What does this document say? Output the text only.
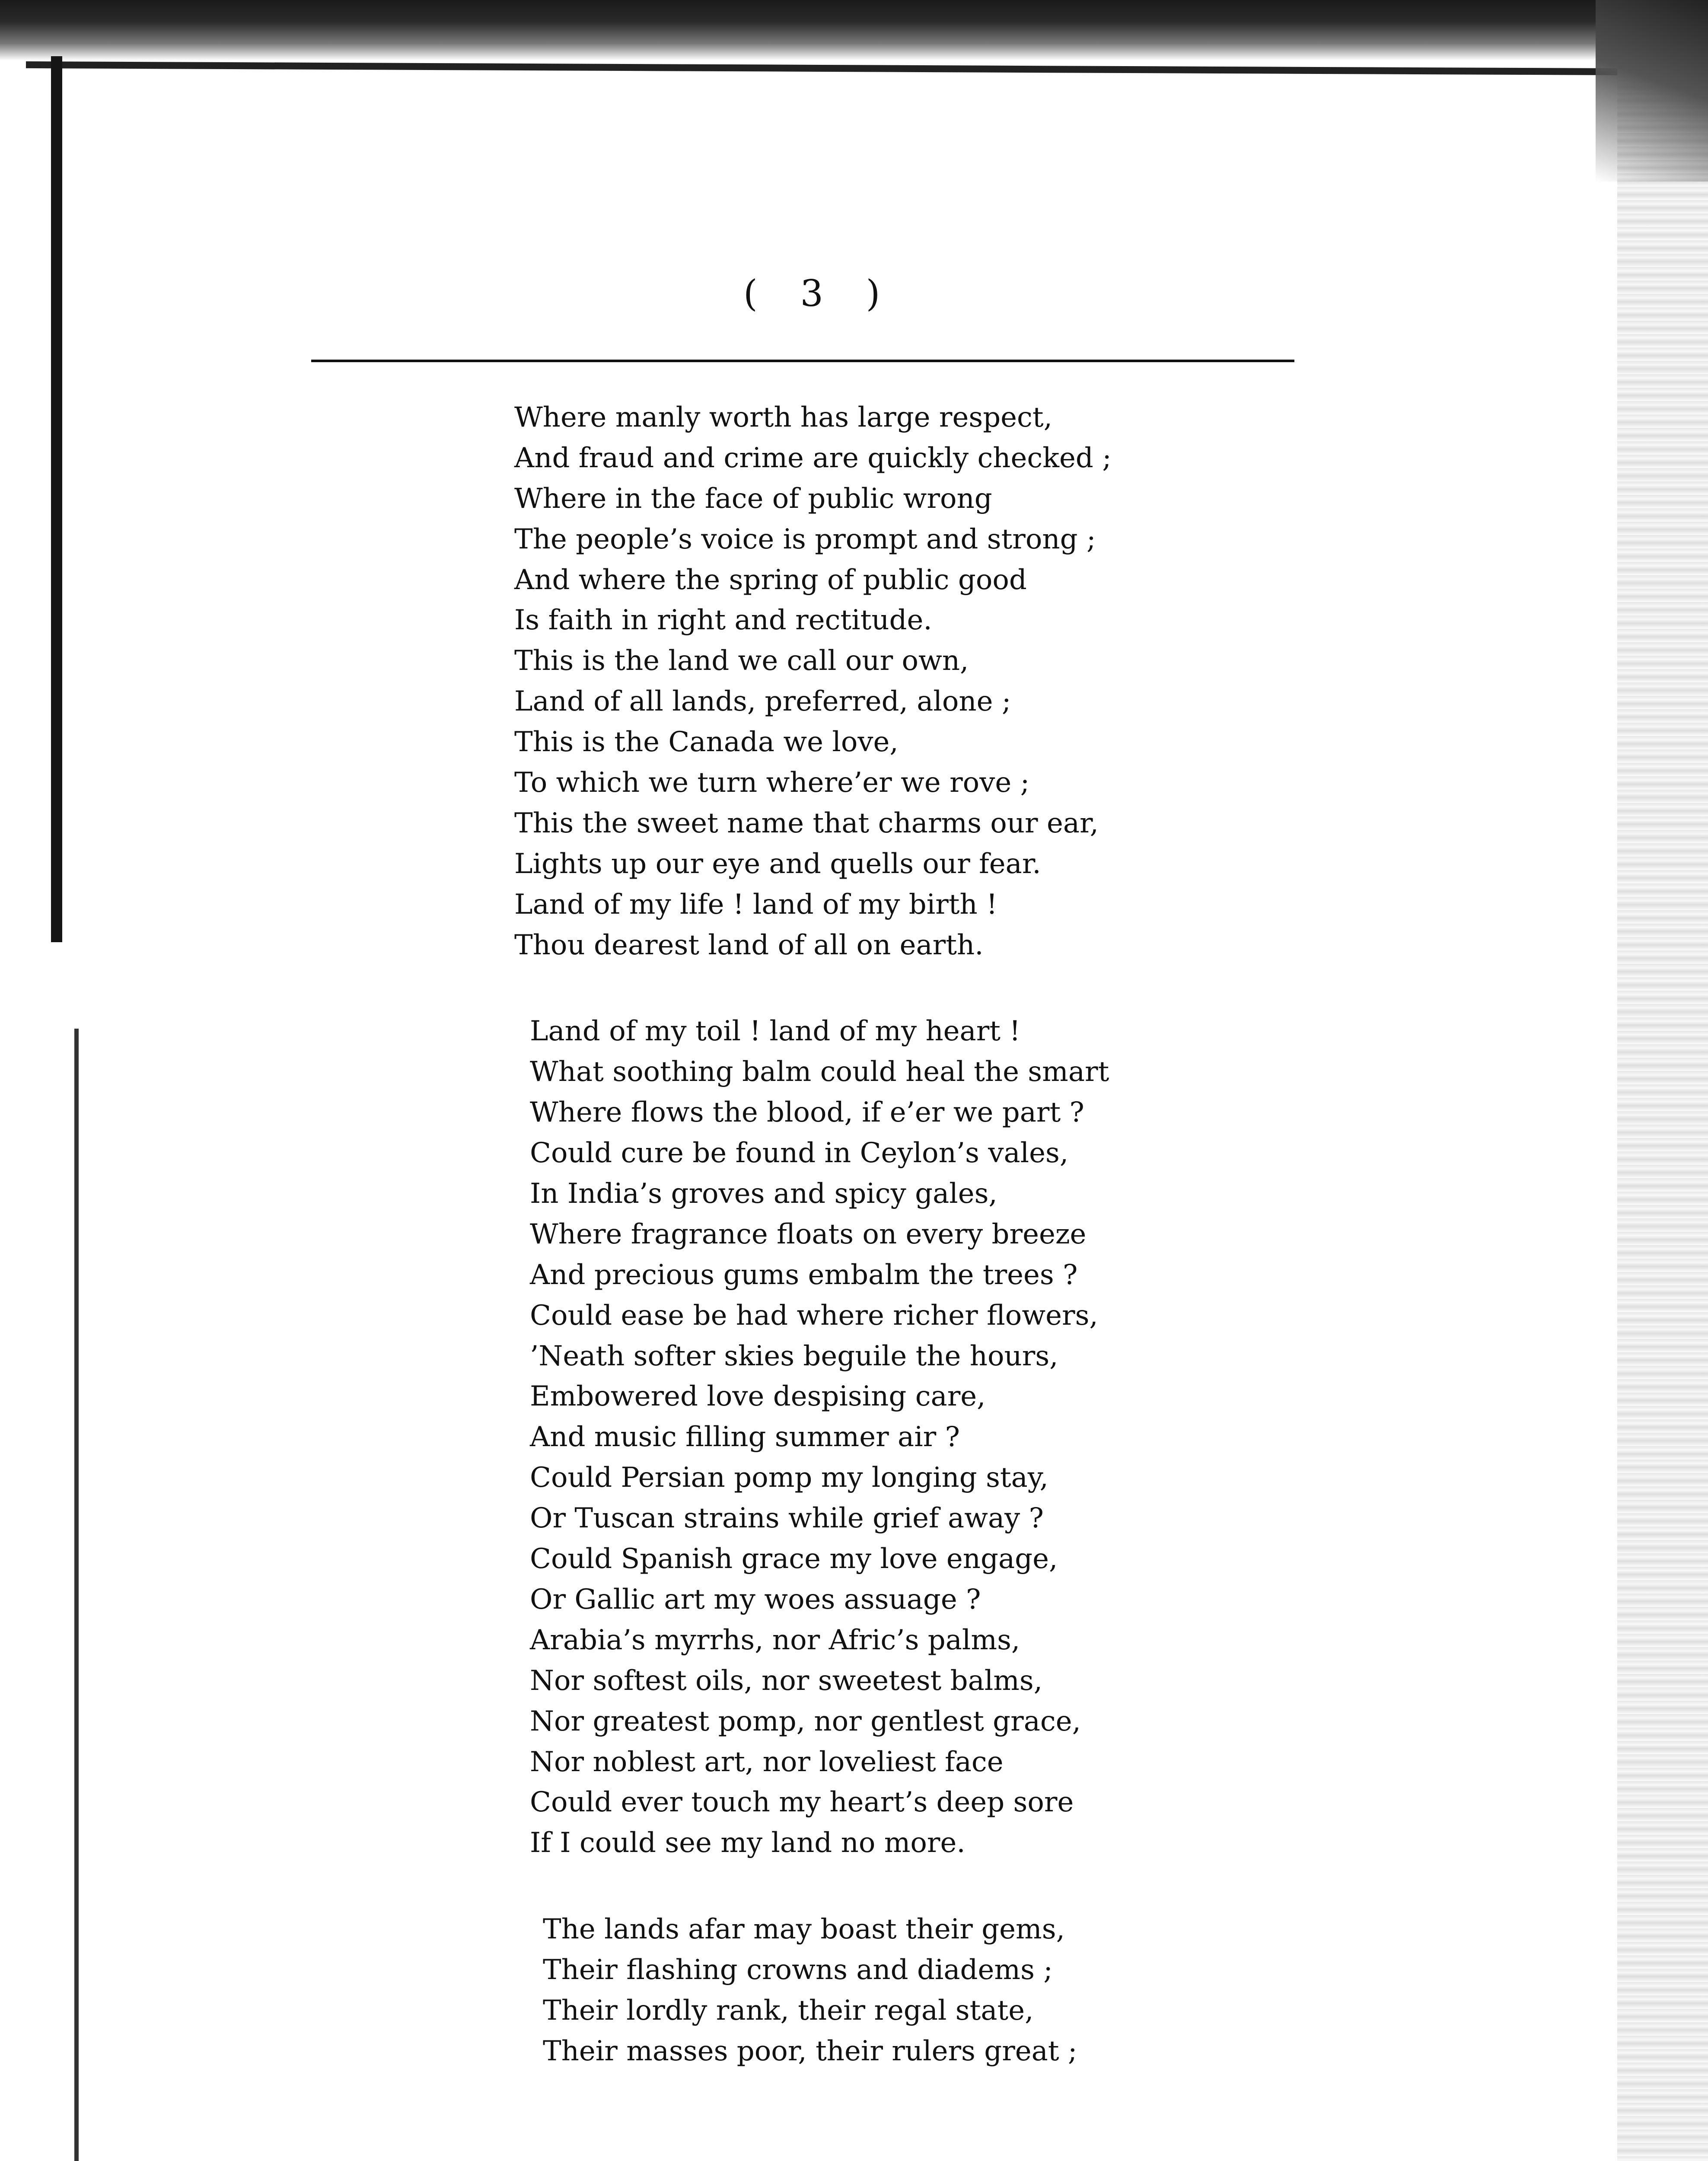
( 3 )
Where manly worth has large respect,
And fraud and crime are quickly checked ;
Where in the face of public wrong
The people’s voice is prompt and strong ;
And where the spring of public good
Is faith in right and rectitude.
This is the land we call our own,
Land of all lands, preferred, alone ;
This is the Canada we love,
To which we turn where’er we rove ;
This the sweet name that charms our ear,
Lights up our eye and quells our fear.
Land of my life ! land of my birth !
Thou dearest land of all on earth.
Land of my toil ! land of my heart !
What soothing balm could heal the smart
Where flows the blood, if e’er we part ?
Could cure be found in Ceylon’s vales,
In India’s groves and spicy gales,
Where fragrance floats on every breeze
And precious gums embalm the trees ?
Could ease be had where richer flowers,
’Neath softer skies beguile the hours,
Embowered love despising care,
And music filling summer air ?
Could Persian pomp my longing stay,
Or Tuscan strains while grief away ?
Could Spanish grace my love engage,
Or Gallic art my woes assuage ?
Arabia’s myrrhs, nor Afric’s palms,
Nor softest oils, nor sweetest balms,
Nor greatest pomp, nor gentlest grace,
Nor noblest art, nor loveliest face
Could ever touch my heart’s deep sore
If I could see my land no more.
The lands afar may boast their gems,
Their flashing crowns and diadems ;
Their lordly rank, their regal state,
Their masses poor, their rulers great ;
